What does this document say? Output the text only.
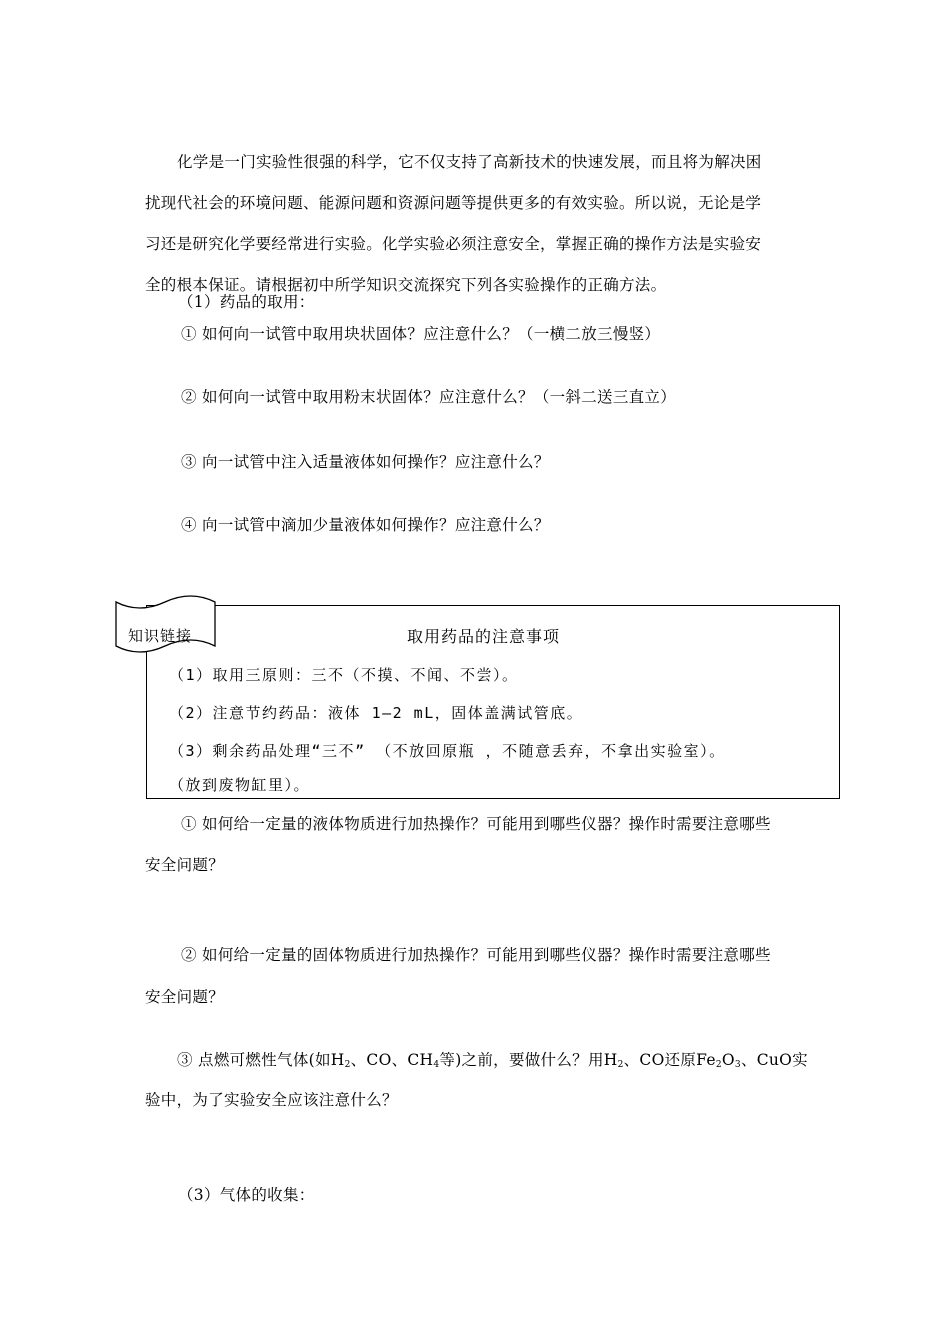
化学是一门实验性很强的科学，它不仅支持了高新技术的快速发展，而且将为解决困
扰现代社会的环境问题、能源问题和资源问题等提供更多的有效实验。所以说，无论是学
习还是研究化学要经常进行实验。化学实验必须注意安全，掌握正确的操作方法是实验安
全的根本保证。请根据初中所学知识交流探究下列各实验操作的正确方法。
（1）药品的取用：
① 如何向一试管中取用块状固体？应注意什么？（一横二放三慢竖）
② 如何向一试管中取用粉末状固体？应注意什么？（一斜二送三直立）
③ 向一试管中注入适量液体如何操作？应注意什么？
④ 向一试管中滴加少量液体如何操作？应注意什么？
取用药品的注意事项
（1）取用三原则：三不（不摸、不闻、不尝）。
（2）注意节约药品：液体 1—2 mL，固体盖满试管底。
（3）剩余药品处理“三不” （不放回原瓶 ，不随意丢弃，不拿出实验室）。
（放到废物缸里）。
知识链接
① 如何给一定量的液体物质进行加热操作？可能用到哪些仪器？操作时需要注意哪些
安全问题？
② 如何给一定量的固体物质进行加热操作？可能用到哪些仪器？操作时需要注意哪些
安全问题？
③ 点燃可燃性气体(如$H_2$、CO、$CH_4$等)之前，要做什么？用$H_2$、CO还原$Fe_2O_3$、CuO实
验中，为了实验安全应该注意什么？
（3）气体的收集：
